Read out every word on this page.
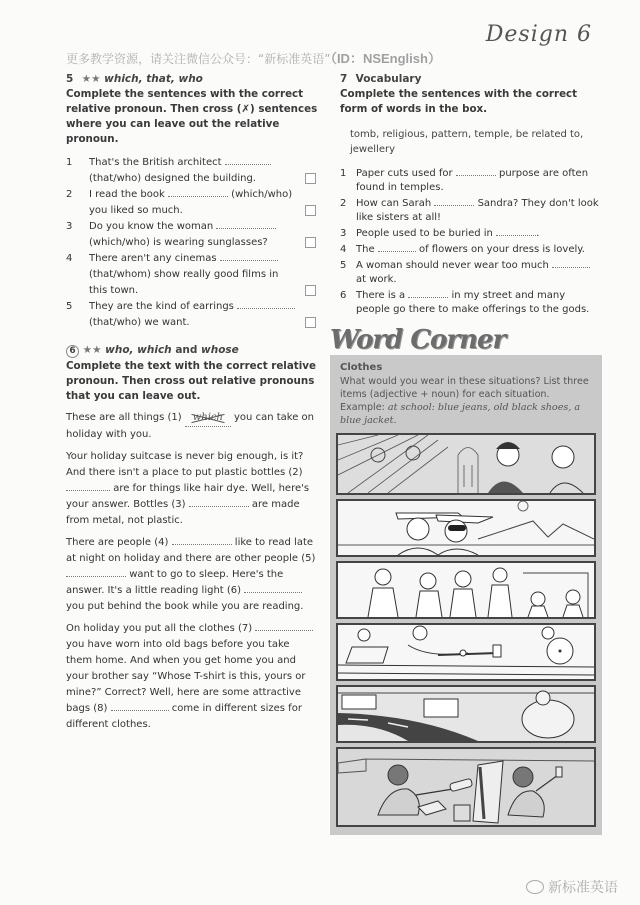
Design 6
更多教学资源，请关注微信公众号：“新标准英语”（ID：NSEnglish）
5 ★★ which, that, who
Complete the sentences with the correct relative pronoun. Then cross (✗) sentences where you can leave out the relative pronoun.
1	That's the British architect  (that/who) designed the building.
2	I read the book	(which/who) you liked so much.
3	Do you know the woman  (which/who) is wearing sunglasses?
4	There aren't any cinemas  (that/whom) show really good films in this town.
5	They are the kind of earrings  (that/who) we want.
6 ★★ who, which and whose
Complete the text with the correct relative pronoun. Then cross out relative pronouns that you can leave out.

These are all things (1) which you can take on holiday with you.

Your holiday suitcase is never big enough, is it? And there isn't a place to put plastic bottles (2)  are for things like hair dye. Well, here's your answer. Bottles (3)	are made from metal, not plastic.

There are people (4)	like to read late at night on holiday and there are other people (5)  want to go to sleep. Here's the answer. It's a little reading light (6)  you put behind the book while you are reading.

On holiday you put all the clothes (7)  you have worn into old bags before you take them home. And when you get home you and your brother say “Whose T-shirt is this, yours or mine?” Correct? Well, here are some attractive bags (8)	come in different sizes for different clothes.

7 Vocabulary
Complete the sentences with the correct form of words in the box.
tomb, religious, pattern, temple, be related to, jewellery
1 Paper cuts used for	purpose are often found in temples.
2 How can Sarah	Sandra? They don't look like sisters at all!
3 People used to be buried in	.
4 The	of flowers on your dress is lovely.
5 A woman should never wear too much  at work.
6 There is a	in my street and many people go there to make offerings to the gods.
Word Corner
Clothes
What would you wear in these situations? List three items (adjective + noun) for each situation. Example: at school: blue jeans, old black shoes, a blue jacket.
新标准英语
